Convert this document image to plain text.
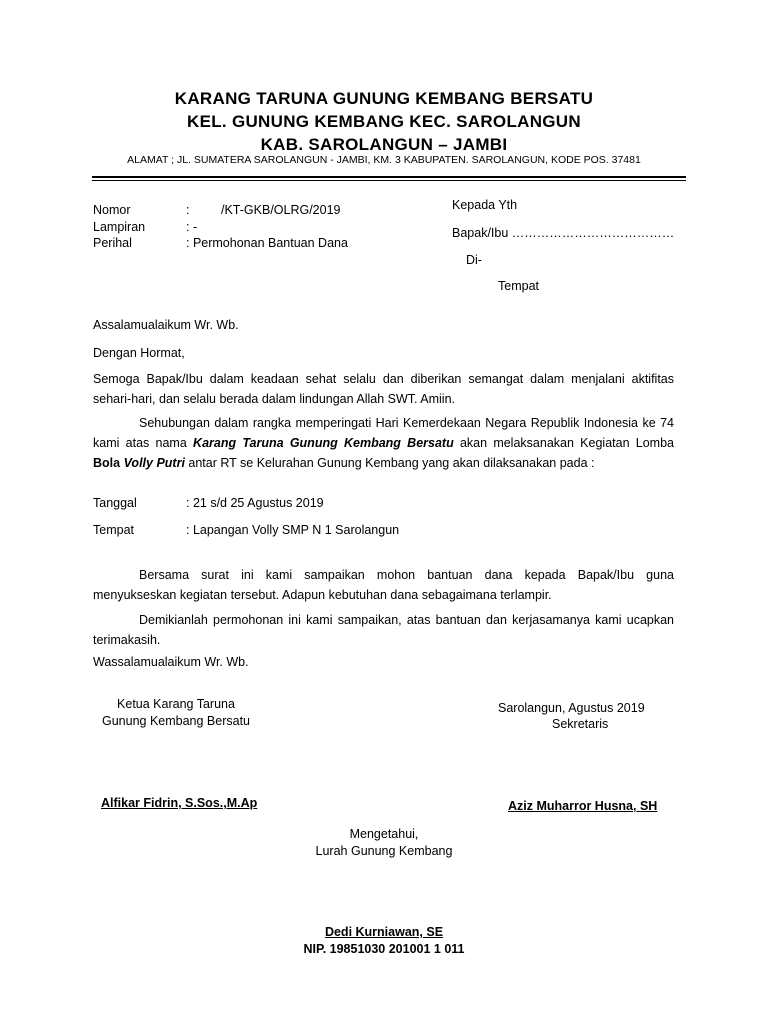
KARANG TARUNA GUNUNG KEMBANG BERSATU
KEL. GUNUNG KEMBANG KEC. SAROLANGUN
KAB. SAROLANGUN – JAMBI
ALAMAT ; JL. SUMATERA SAROLANGUN - JAMBI, KM. 3 KABUPATEN. SAROLANGUN, KODE POS. 37481
Nomor	:	/KT-GKB/OLRG/2019
Lampiran	: -
Perihal	: Permohonan Bantuan Dana
Kepada Yth
Bapak/Ibu …………………………………
Di-
Tempat
Assalamualaikum Wr. Wb.
Dengan Hormat,
Semoga Bapak/Ibu dalam keadaan sehat selalu dan diberikan semangat dalam menjalani aktifitas sehari-hari, dan selalu berada dalam lindungan Allah SWT. Amiin.
Sehubungan dalam rangka memperingati Hari Kemerdekaan Negara Republik Indonesia ke 74 kami atas nama Karang Taruna Gunung Kembang Bersatu akan melaksanakan Kegiatan Lomba Bola Volly Putri antar RT se Kelurahan Gunung Kembang yang akan dilaksanakan pada :
Tanggal	: 21 s/d 25 Agustus 2019
Tempat	: Lapangan Volly SMP N 1 Sarolangun
Bersama surat ini kami sampaikan mohon bantuan dana kepada Bapak/Ibu guna menyukseskan kegiatan tersebut. Adapun kebutuhan dana sebagaimana terlampir.
Demikianlah permohonan ini kami sampaikan, atas bantuan dan kerjasamanya kami ucapkan terimakasih.
Wassalamualaikum Wr. Wb.
Ketua Karang Taruna
Gunung Kembang Bersatu
Alfikar Fidrin, S.Sos.,M.Ap
Sarolangun, Agustus 2019
Sekretaris
Aziz Muharror Husna, SH
Mengetahui,
Lurah Gunung Kembang
Dedi Kurniawan, SE
NIP. 19851030 201001 1 011
